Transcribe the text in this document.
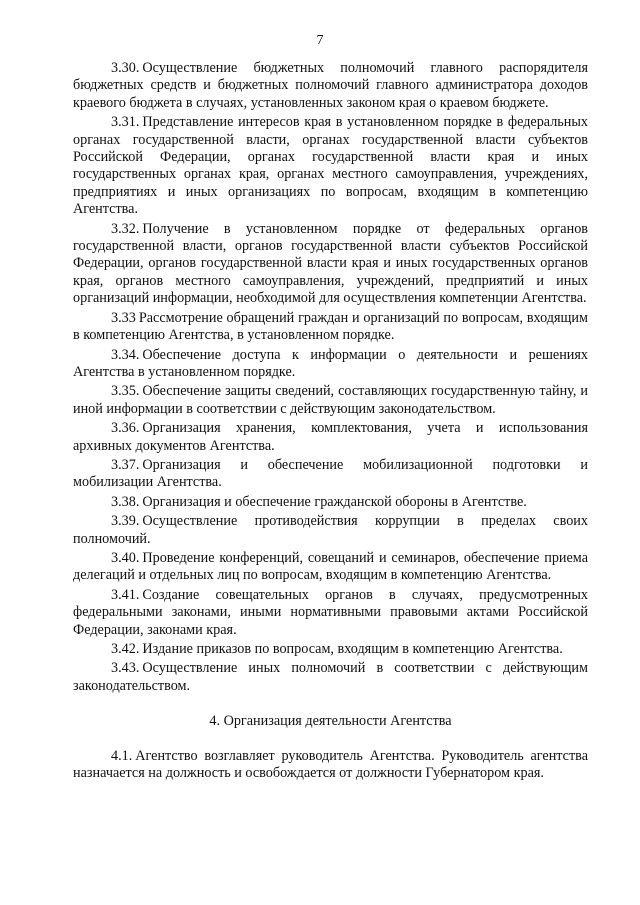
7

3.30. Осуществление бюджетных полномочий главного распорядителя бюджетных средств и бюджетных полномочий главного администратора доходов краевого бюджета в случаях, установленных законом края о краевом бюджете.

3.31. Представление интересов края в установленном порядке в федеральных органах государственной власти, органах государственной власти субъектов Российской Федерации, органах государственной власти края и иных государственных органах края, органах местного самоуправления, учреждениях, предприятиях и иных организациях по вопросам, входящим в компетенцию Агентства.

3.32. Получение в установленном порядке от федеральных органов государственной власти, органов государственной власти субъектов Российской Федерации, органов государственной власти края и иных государственных органов края, органов местного самоуправления, учреждений, предприятий и иных организаций информации, необходимой для осуществления компетенции Агентства.

3.33 Рассмотрение обращений граждан и организаций по вопросам, входящим в компетенцию Агентства, в установленном порядке.

3.34. Обеспечение доступа к информации о деятельности и решениях Агентства в установленном порядке.

3.35. Обеспечение защиты сведений, составляющих государственную тайну, и иной информации в соответствии с действующим законодательством.

3.36. Организация хранения, комплектования, учета и использования архивных документов Агентства.

3.37. Организация и обеспечение мобилизационной подготовки и мобилизации Агентства.

3.38. Организация и обеспечение гражданской обороны в Агентстве.

3.39. Осуществление противодействия коррупции в пределах своих полномочий.

3.40. Проведение конференций, совещаний и семинаров, обеспечение приема делегаций и отдельных лиц по вопросам, входящим в компетенцию Агентства.

3.41. Создание совещательных органов в случаях, предусмотренных федеральными законами, иными нормативными правовыми актами Российской Федерации, законами края.

3.42. Издание приказов по вопросам, входящим в компетенцию Агентства.

3.43. Осуществление иных полномочий в соответствии с действующим законодательством.

4. Организация деятельности Агентства

4.1. Агентство возглавляет руководитель Агентства. Руководитель агентства назначается на должность и освобождается от должности Губернатором края.
